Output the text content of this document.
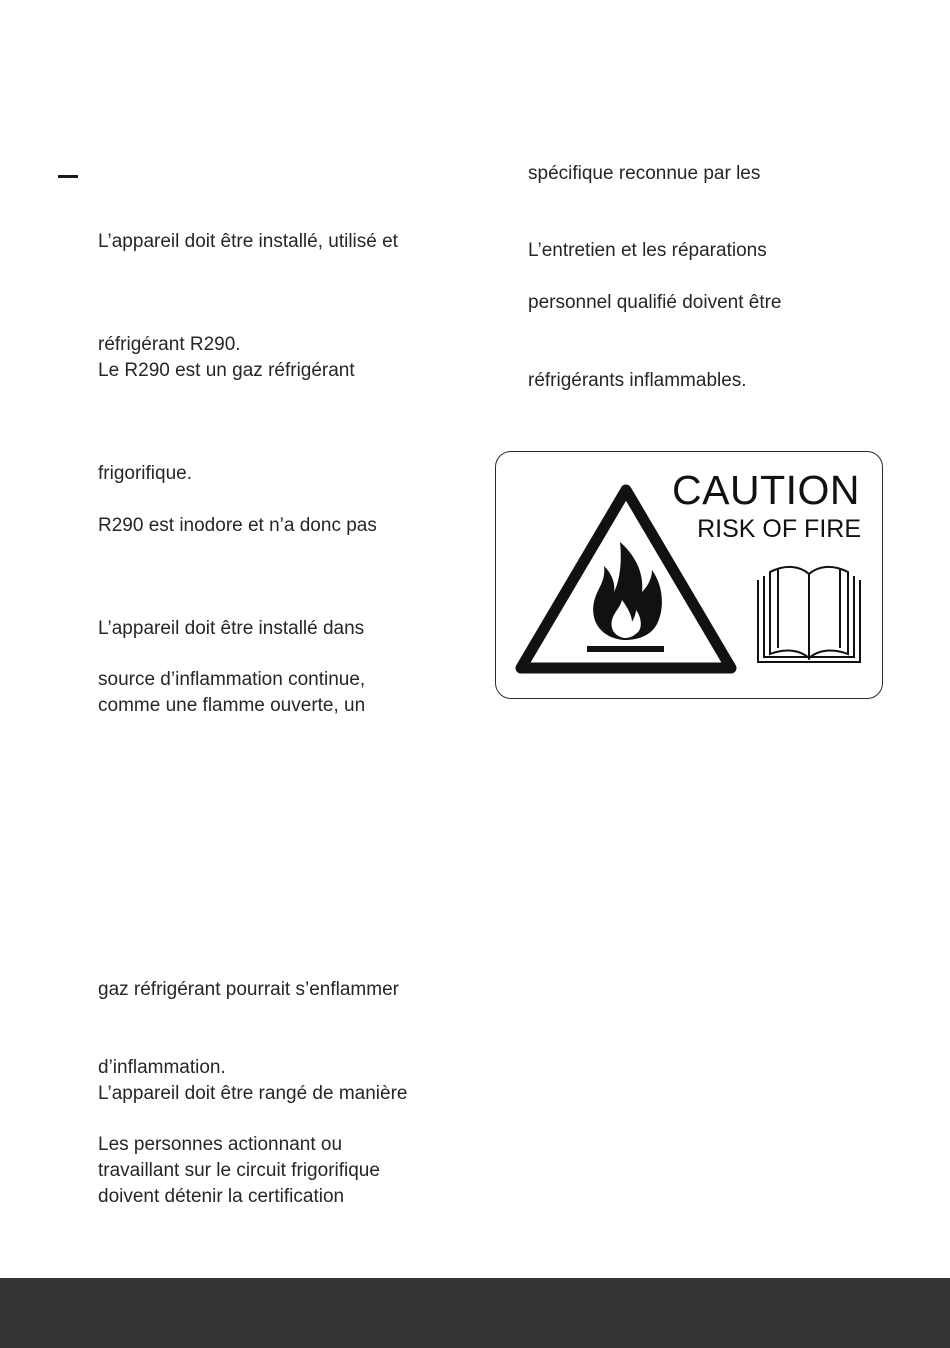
L’appareil doit être installé, utilisé et
réfrigérant R290.
Le R290 est un gaz réfrigérant
frigorifique.
R290 est inodore et n’a donc pas
L’appareil doit être installé dans
source d’inflammation continue,
comme une flamme ouverte, un
gaz réfrigérant pourrait s’enflammer
d’inflammation.
L’appareil doit être rangé de manière
Les personnes actionnant ou
travaillant sur le circuit frigorifique
doivent détenir la certification
spécifique reconnue par les
L’entretien et les réparations
personnel qualifié doivent être
réfrigérants inflammables.
CAUTION
RISK OF FIRE
